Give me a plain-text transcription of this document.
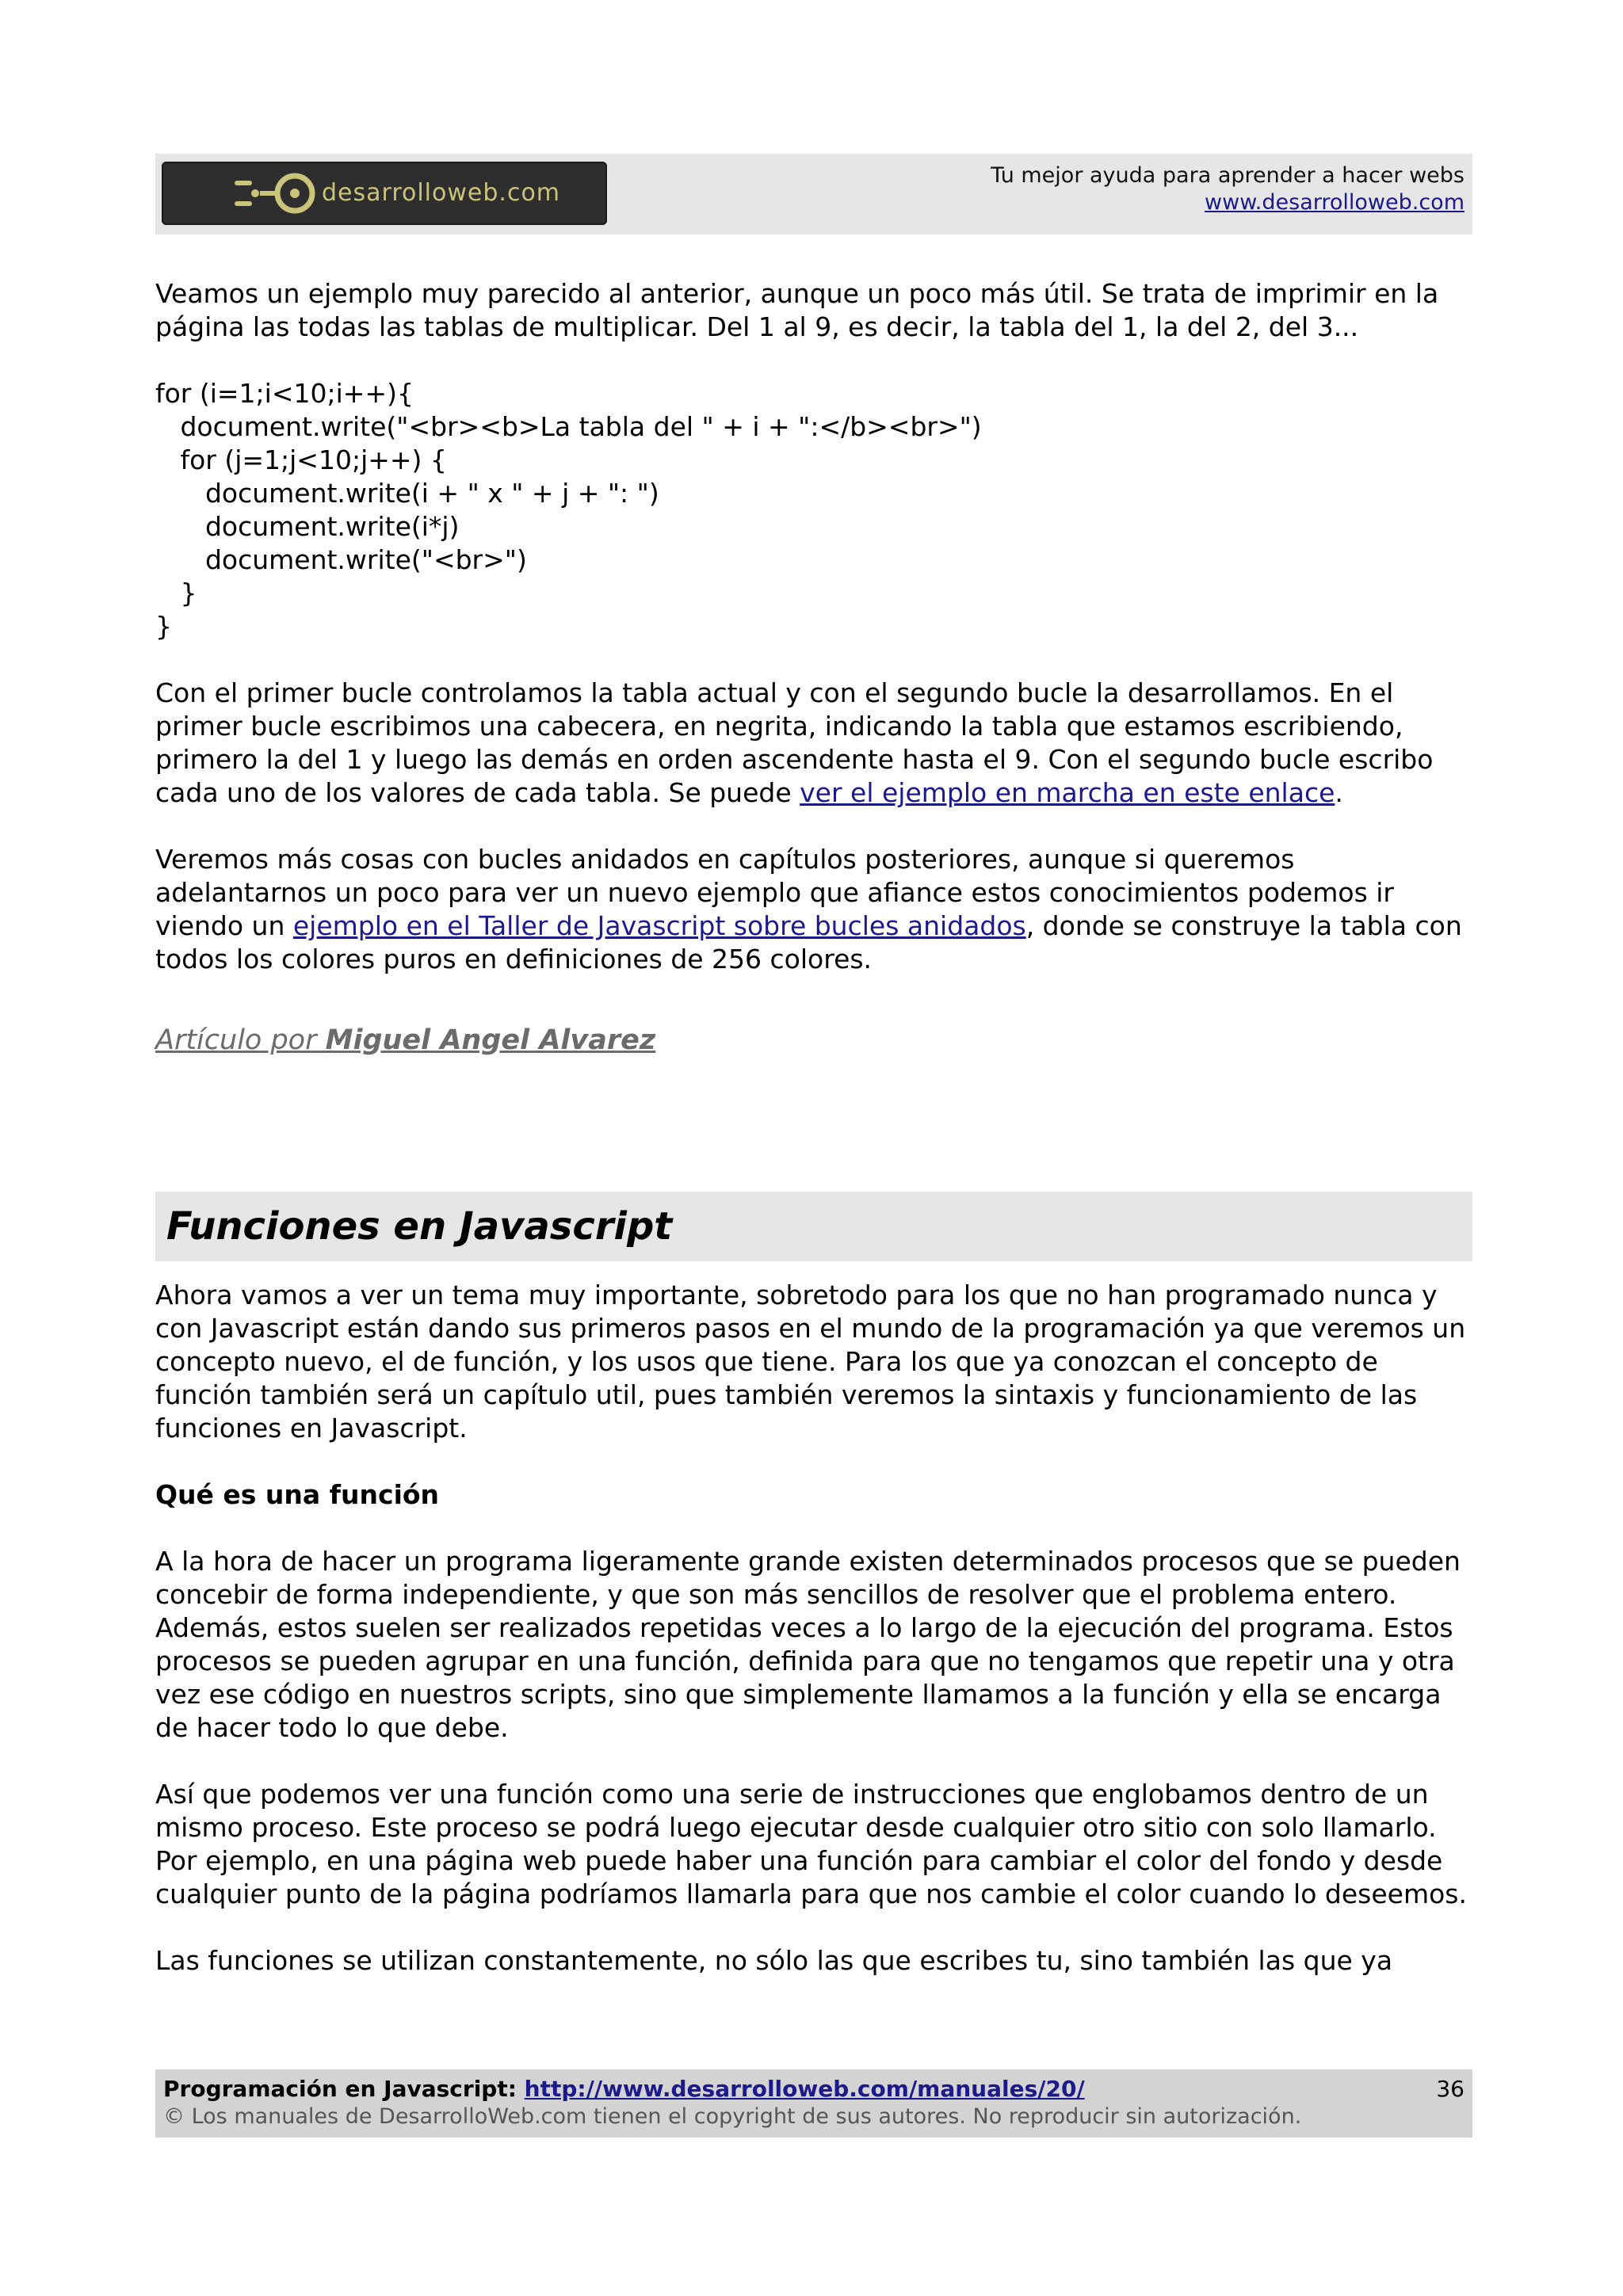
desarrolloweb.com
Tu mejor ayuda para aprender a hacer webs
www.desarrolloweb.com

Veamos un ejemplo muy parecido al anterior, aunque un poco más útil. Se trata de imprimir en la página las todas las tablas de multiplicar. Del 1 al 9, es decir, la tabla del 1, la del 2, del 3...

for (i=1;i<10;i++){
document.write("<br><b>La tabla del " + i + ":</b><br>")
for (j=1;j<10;j++) {
document.write(i + " x " + j + ": ")
document.write(i*j)
document.write("<br>")
}
}

Con el primer bucle controlamos la tabla actual y con el segundo bucle la desarrollamos. En el primer bucle escribimos una cabecera, en negrita, indicando la tabla que estamos escribiendo, primero la del 1 y luego las demás en orden ascendente hasta el 9. Con el segundo bucle escribo cada uno de los valores de cada tabla. Se puede ver el ejemplo en marcha en este enlace.

Veremos más cosas con bucles anidados en capítulos posteriores, aunque si queremos adelantarnos un poco para ver un nuevo ejemplo que afiance estos conocimientos podemos ir viendo un ejemplo en el Taller de Javascript sobre bucles anidados, donde se construye la tabla con todos los colores puros en definiciones de 256 colores.

Artículo por Miguel Angel Alvarez
Funciones en Javascript

Ahora vamos a ver un tema muy importante, sobretodo para los que no han programado nunca y con Javascript están dando sus primeros pasos en el mundo de la programación ya que veremos un concepto nuevo, el de función, y los usos que tiene. Para los que ya conozcan el concepto de función también será un capítulo util, pues también veremos la sintaxis y funcionamiento de las funciones en Javascript.

Qué es una función

A la hora de hacer un programa ligeramente grande existen determinados procesos que se pueden concebir de forma independiente, y que son más sencillos de resolver que el problema entero. Además, estos suelen ser realizados repetidas veces a lo largo de la ejecución del programa. Estos procesos se pueden agrupar en una función, definida para que no tengamos que repetir una y otra vez ese código en nuestros scripts, sino que simplemente llamamos a la función y ella se encarga de hacer todo lo que debe.

Así que podemos ver una función como una serie de instrucciones que englobamos dentro de un mismo proceso. Este proceso se podrá luego ejecutar desde cualquier otro sitio con solo llamarlo. Por ejemplo, en una página web puede haber una función para cambiar el color del fondo y desde cualquier punto de la página podríamos llamarla para que nos cambie el color cuando lo deseemos.

Las funciones se utilizan constantemente, no sólo las que escribes tu, sino también las que ya

Programación en Javascript: http://www.desarrolloweb.com/manuales/20/	36
© Los manuales de DesarrolloWeb.com tienen el copyright de sus autores. No reproducir sin autorización.
